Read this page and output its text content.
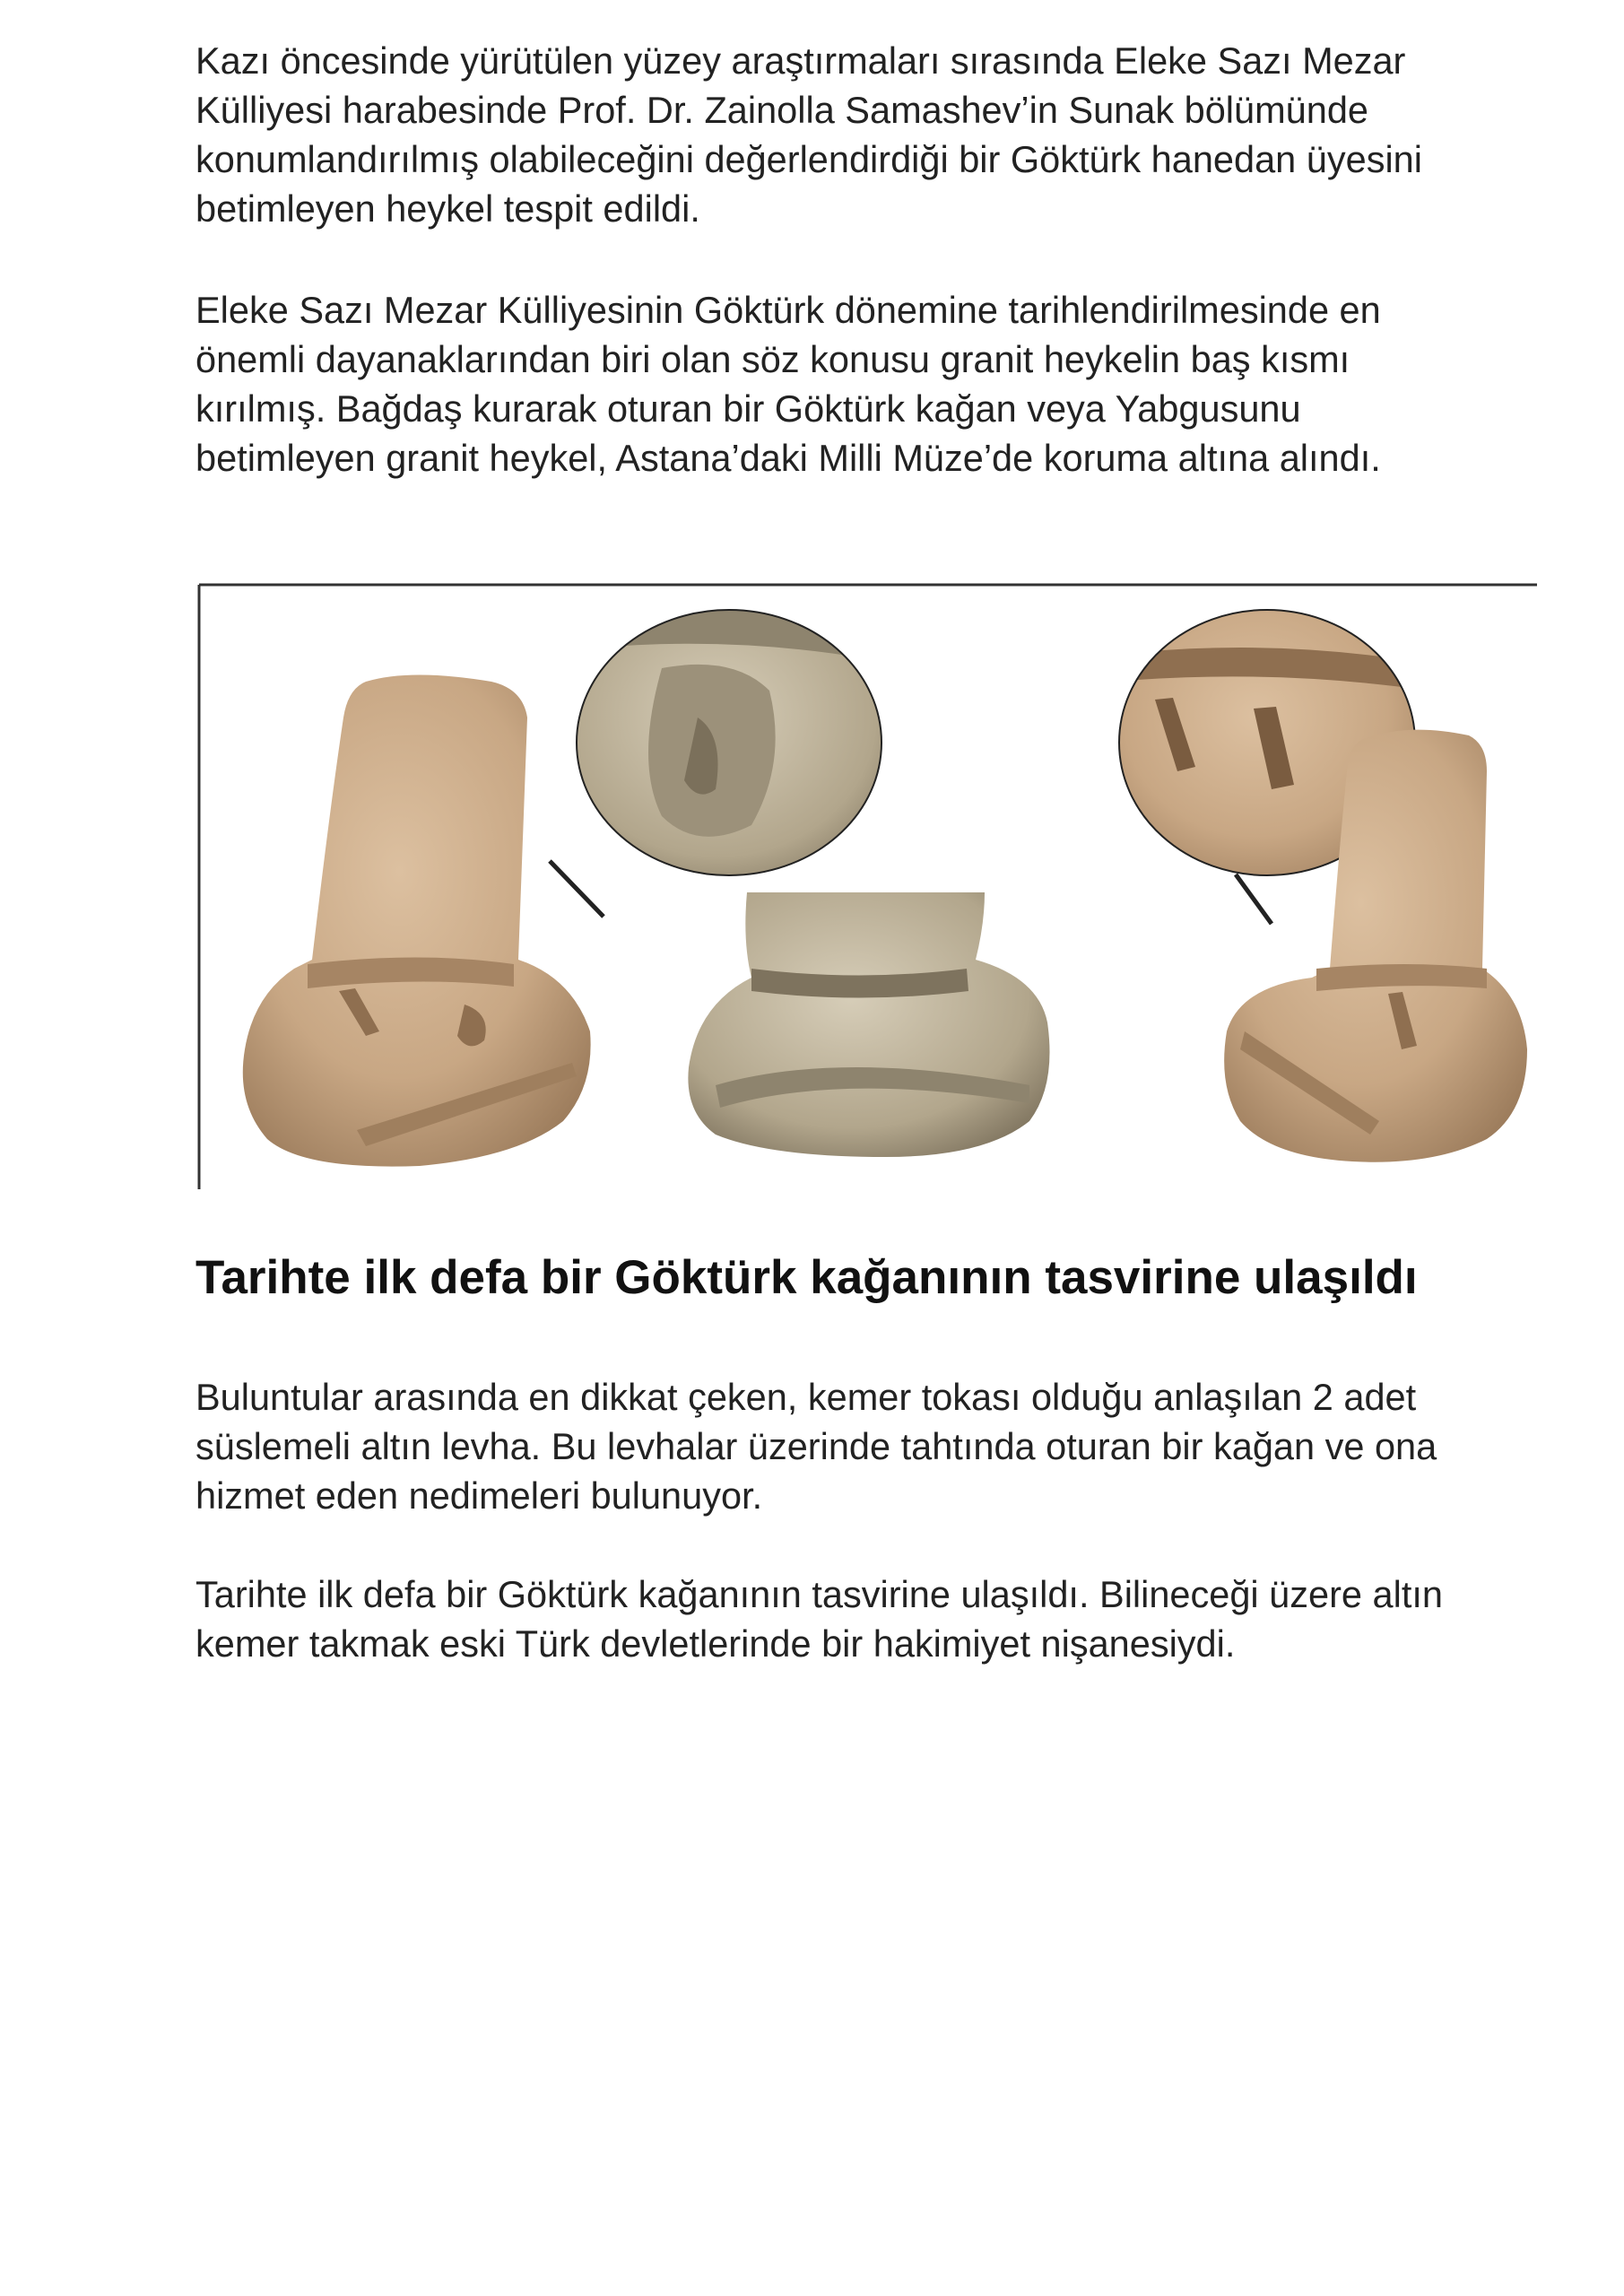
Kazı öncesinde yürütülen yüzey araştırmaları sırasında Eleke Sazı Mezar Külliyesi harabesinde Prof. Dr. Zainolla Samashev’in Sunak bölümünde konumlandırılmış olabileceğini değerlendirdiği bir Göktürk hanedan üyesini betimleyen heykel tespit edildi.

Eleke Sazı Mezar Külliyesinin Göktürk dönemine tarihlendirilmesinde en önemli dayanaklarından biri olan söz konusu granit heykelin baş kısmı kırılmış. Bağdaş kurarak oturan bir Göktürk kağan veya Yabgusunu betimleyen granit heykel, Astana’daki Milli Müze’de koruma altına alındı.

Tarihte ilk defa bir Göktürk kağanının tasvirine ulaşıldı

Buluntular arasında en dikkat çeken, kemer tokası olduğu anlaşılan 2 adet süslemeli altın levha. Bu levhalar üzerinde tahtında oturan bir kağan ve ona hizmet eden nedimeleri bulunuyor.

Tarihte ilk defa bir Göktürk kağanının tasvirine ulaşıldı. Bilineceği üzere altın kemer takmak eski Türk devletlerinde bir hakimiyet nişanesiydi.
